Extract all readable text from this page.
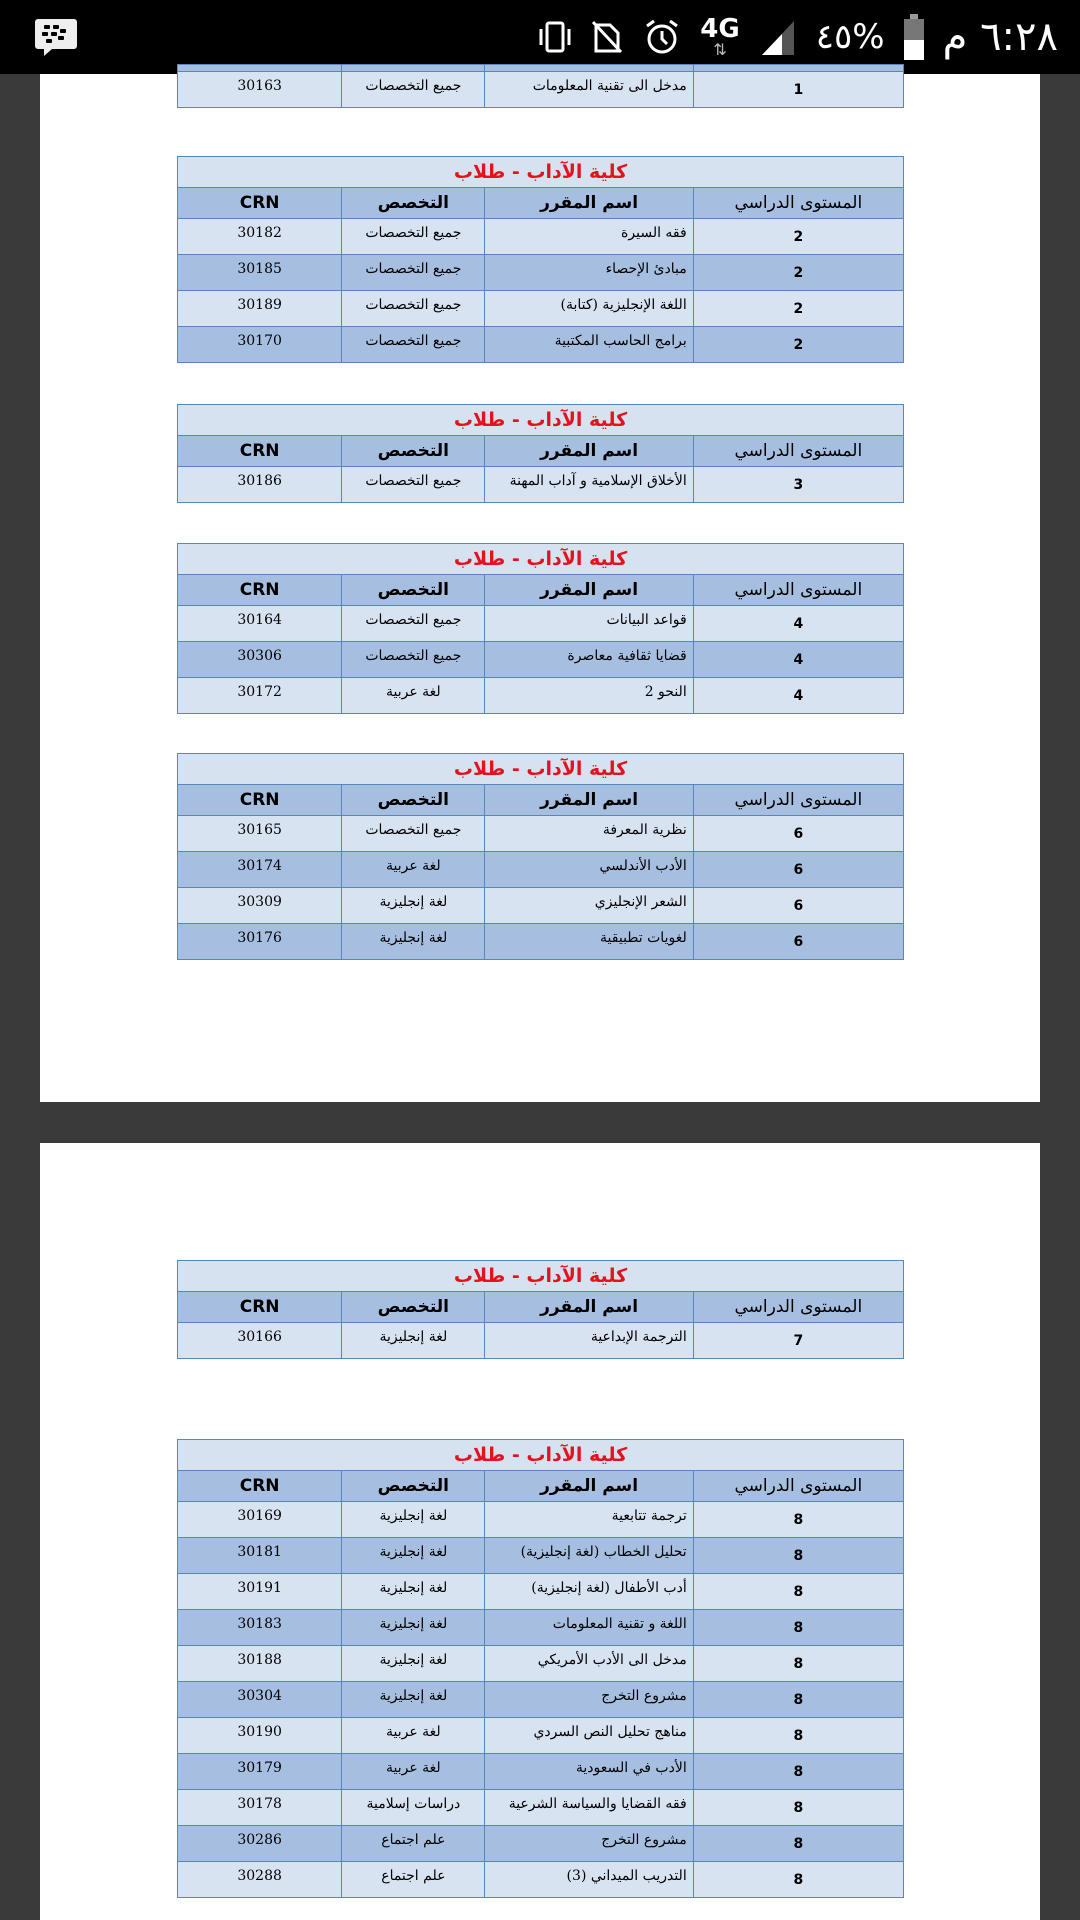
4G
⇅	٤٥% ٦:٢٨ م

1	مدخل الى تقنية المعلومات	جميع التخصصات	30163
كلية الآداب - طلاب			
المستوى الدراسي	اسم المقرر	التخصص	CRN
2	فقه السيرة	جميع التخصصات	30182
2	مبادئ الإحصاء	جميع التخصصات	30185
2	اللغة الإنجليزية (كتابة)	جميع التخصصات	30189
2	برامج الحاسب المكتبية	جميع التخصصات	30170
كلية الآداب - طلاب			
المستوى الدراسي	اسم المقرر	التخصص	CRN
3	الأخلاق الإسلامية و آداب المهنة	جميع التخصصات	30186
كلية الآداب - طلاب			
المستوى الدراسي	اسم المقرر	التخصص	CRN
4	قواعد البيانات	جميع التخصصات	30164
4	قضايا ثقافية معاصرة	جميع التخصصات	30306
4	النحو 2	لغة عربية	30172
كلية الآداب - طلاب			
المستوى الدراسي	اسم المقرر	التخصص	CRN
6	نظرية المعرفة	جميع التخصصات	30165
6	الأدب الأندلسي	لغة عربية	30174
6	الشعر الإنجليزي	لغة إنجليزية	30309
6	لغويات تطبيقية	لغة إنجليزية	30176
كلية الآداب - طلاب			
المستوى الدراسي	اسم المقرر	التخصص	CRN
7	الترجمة الإبداعية	لغة إنجليزية	30166
كلية الآداب - طلاب			
المستوى الدراسي	اسم المقرر	التخصص	CRN
8	ترجمة تتابعية	لغة إنجليزية	30169
8	تحليل الخطاب (لغة إنجليزية)	لغة إنجليزية	30181
8	أدب الأطفال (لغة إنجليزية)	لغة إنجليزية	30191
8	اللغة و تقنية المعلومات	لغة إنجليزية	30183
8	مدخل الى الأدب الأمريكي	لغة إنجليزية	30188
8	مشروع التخرج	لغة إنجليزية	30304
8	مناهج تحليل النص السردي	لغة عربية	30190
8	الأدب في السعودية	لغة عربية	30179
8	فقه القضايا والسياسة الشرعية	دراسات إسلامية	30178
8	مشروع التخرج	علم اجتماع	30286
8	التدريب الميداني (3)	علم اجتماع	30288
